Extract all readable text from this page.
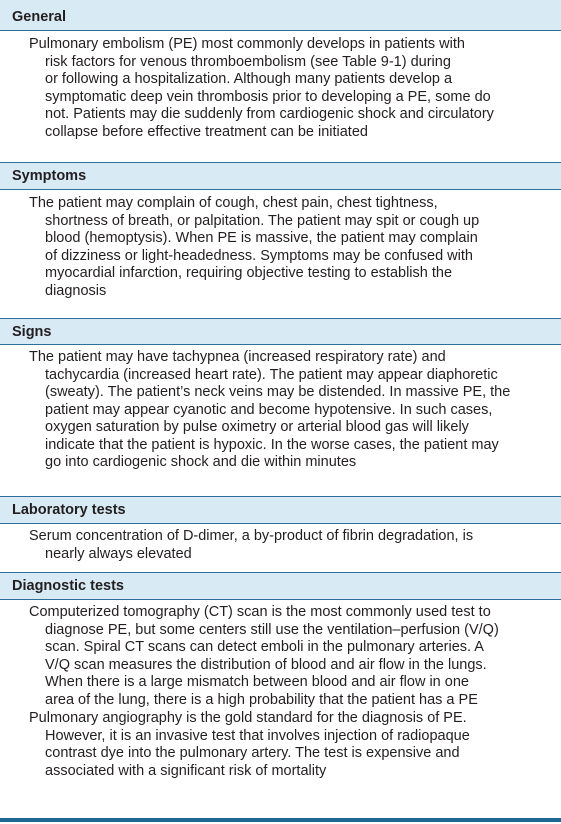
General
Pulmonary embolism (PE) most commonly develops in patients with
risk factors for venous thromboembolism (see Table 9-1) during
or following a hospitalization. Although many patients develop a
symptomatic deep vein thrombosis prior to developing a PE, some do
not. Patients may die suddenly from cardiogenic shock and circulatory
collapse before effective treatment can be initiated
Symptoms
The patient may complain of cough, chest pain, chest tightness,
shortness of breath, or palpitation. The patient may spit or cough up
blood (hemoptysis). When PE is massive, the patient may complain
of dizziness or light-headedness. Symptoms may be confused with
myocardial infarction, requiring objective testing to establish the
diagnosis
Signs
The patient may have tachypnea (increased respiratory rate) and
tachycardia (increased heart rate). The patient may appear diaphoretic
(sweaty). The patient’s neck veins may be distended. In massive PE, the
patient may appear cyanotic and become hypotensive. In such cases,
oxygen saturation by pulse oximetry or arterial blood gas will likely
indicate that the patient is hypoxic. In the worse cases, the patient may
go into cardiogenic shock and die within minutes
Laboratory tests
Serum concentration of D-dimer, a by-product of fibrin degradation, is
nearly always elevated
Diagnostic tests
Computerized tomography (CT) scan is the most commonly used test to
diagnose PE, but some centers still use the ventilation–perfusion (V/Q)
scan. Spiral CT scans can detect emboli in the pulmonary arteries. A
V/Q scan measures the distribution of blood and air flow in the lungs.
When there is a large mismatch between blood and air flow in one
area of the lung, there is a high probability that the patient has a PE
Pulmonary angiography is the gold standard for the diagnosis of PE.
However, it is an invasive test that involves injection of radiopaque
contrast dye into the pulmonary artery. The test is expensive and
associated with a significant risk of mortality
